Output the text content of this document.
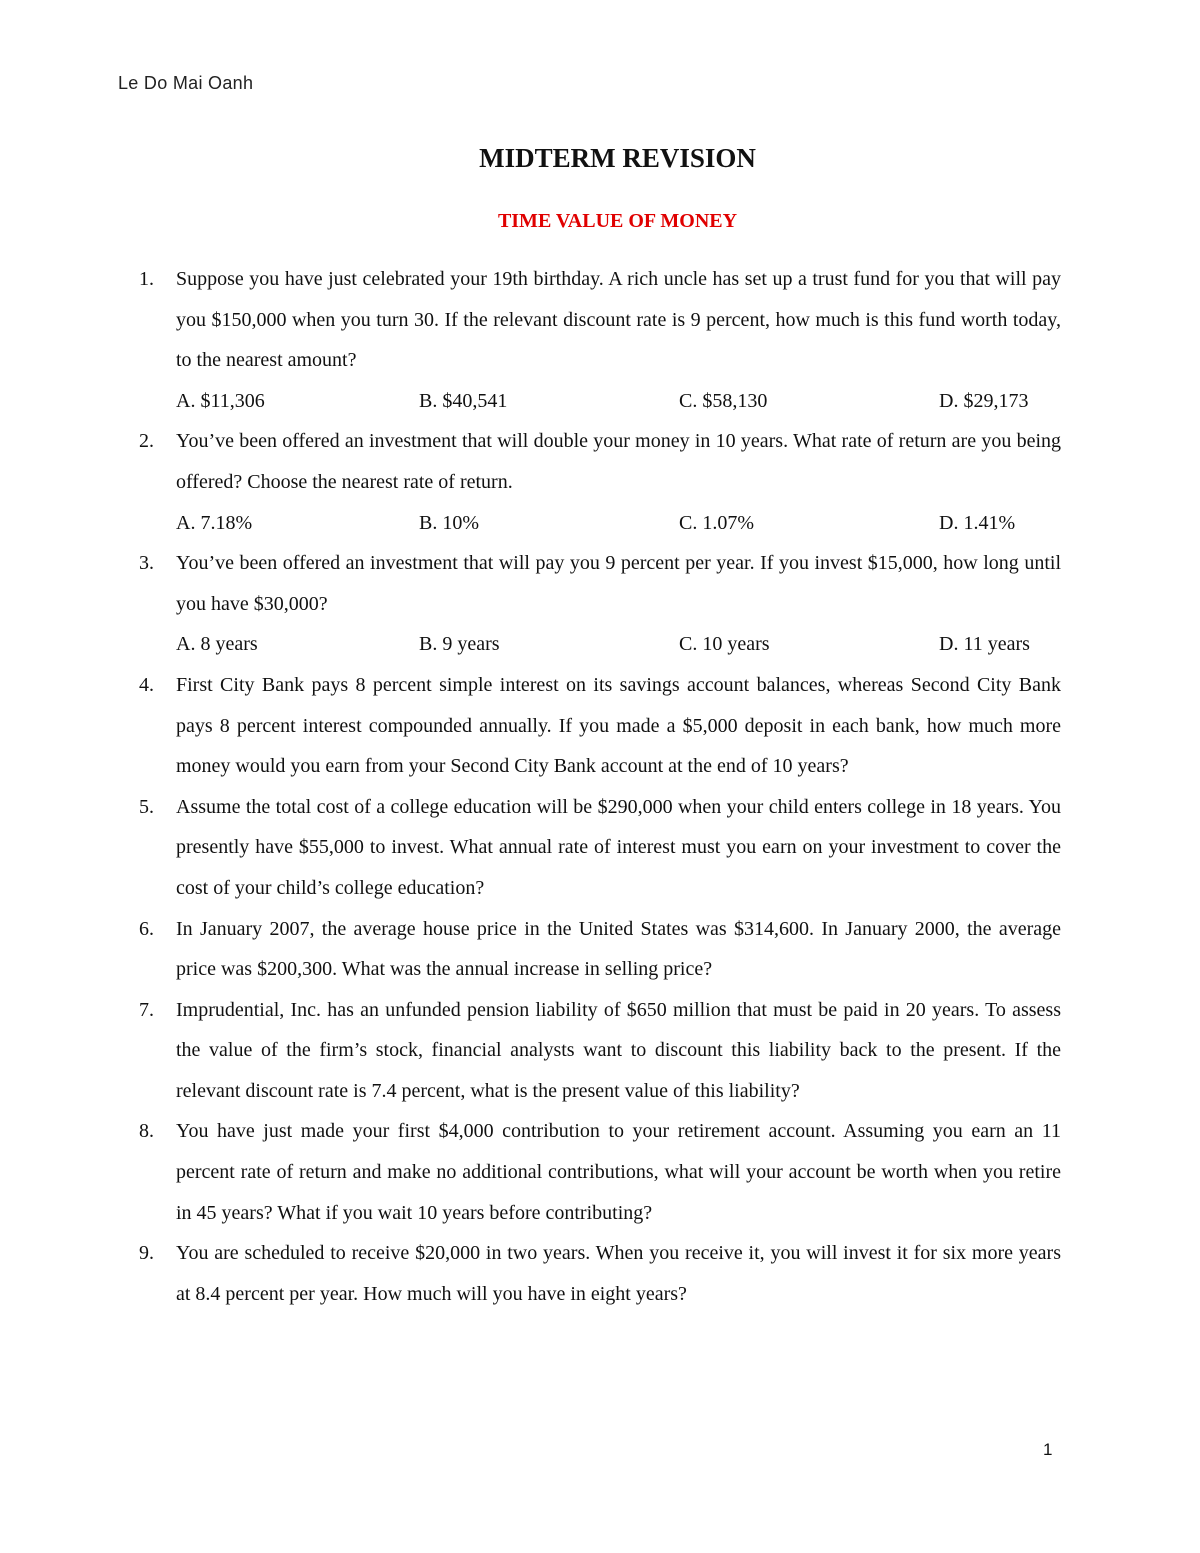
Le Do Mai Oanh
MIDTERM REVISION
TIME VALUE OF MONEY
1. Suppose you have just celebrated your 19th birthday. A rich uncle has set up a trust fund for you that will pay you $150,000 when you turn 30. If the relevant discount rate is 9 percent, how much is this fund worth today, to the nearest amount?
A. $11,306	B. $40,541	C. $58,130	D. $29,173
2. You’ve been offered an investment that will double your money in 10 years. What rate of return are you being offered? Choose the nearest rate of return.
A. 7.18%	B. 10%	C. 1.07%	D. 1.41%
3. You’ve been offered an investment that will pay you 9 percent per year. If you invest $15,000, how long until you have $30,000?
A. 8 years	B. 9 years	C. 10 years	D. 11 years
4. First City Bank pays 8 percent simple interest on its savings account balances, whereas Second City Bank pays 8 percent interest compounded annually. If you made a $5,000 deposit in each bank, how much more money would you earn from your Second City Bank account at the end of 10 years?
5. Assume the total cost of a college education will be $290,000 when your child enters college in 18 years. You presently have $55,000 to invest. What annual rate of interest must you earn on your investment to cover the cost of your child’s college education?
6. In January 2007, the average house price in the United States was $314,600. In January 2000, the average price was $200,300. What was the annual increase in selling price?
7. Imprudential, Inc. has an unfunded pension liability of $650 million that must be paid in 20 years. To assess the value of the firm’s stock, financial analysts want to discount this liability back to the present. If the relevant discount rate is 7.4 percent, what is the present value of this liability?
8. You have just made your first $4,000 contribution to your retirement account. Assuming you earn an 11 percent rate of return and make no additional contributions, what will your account be worth when you retire in 45 years? What if you wait 10 years before contributing?
9. You are scheduled to receive $20,000 in two years. When you receive it, you will invest it for six more years at 8.4 percent per year. How much will you have in eight years?
1
